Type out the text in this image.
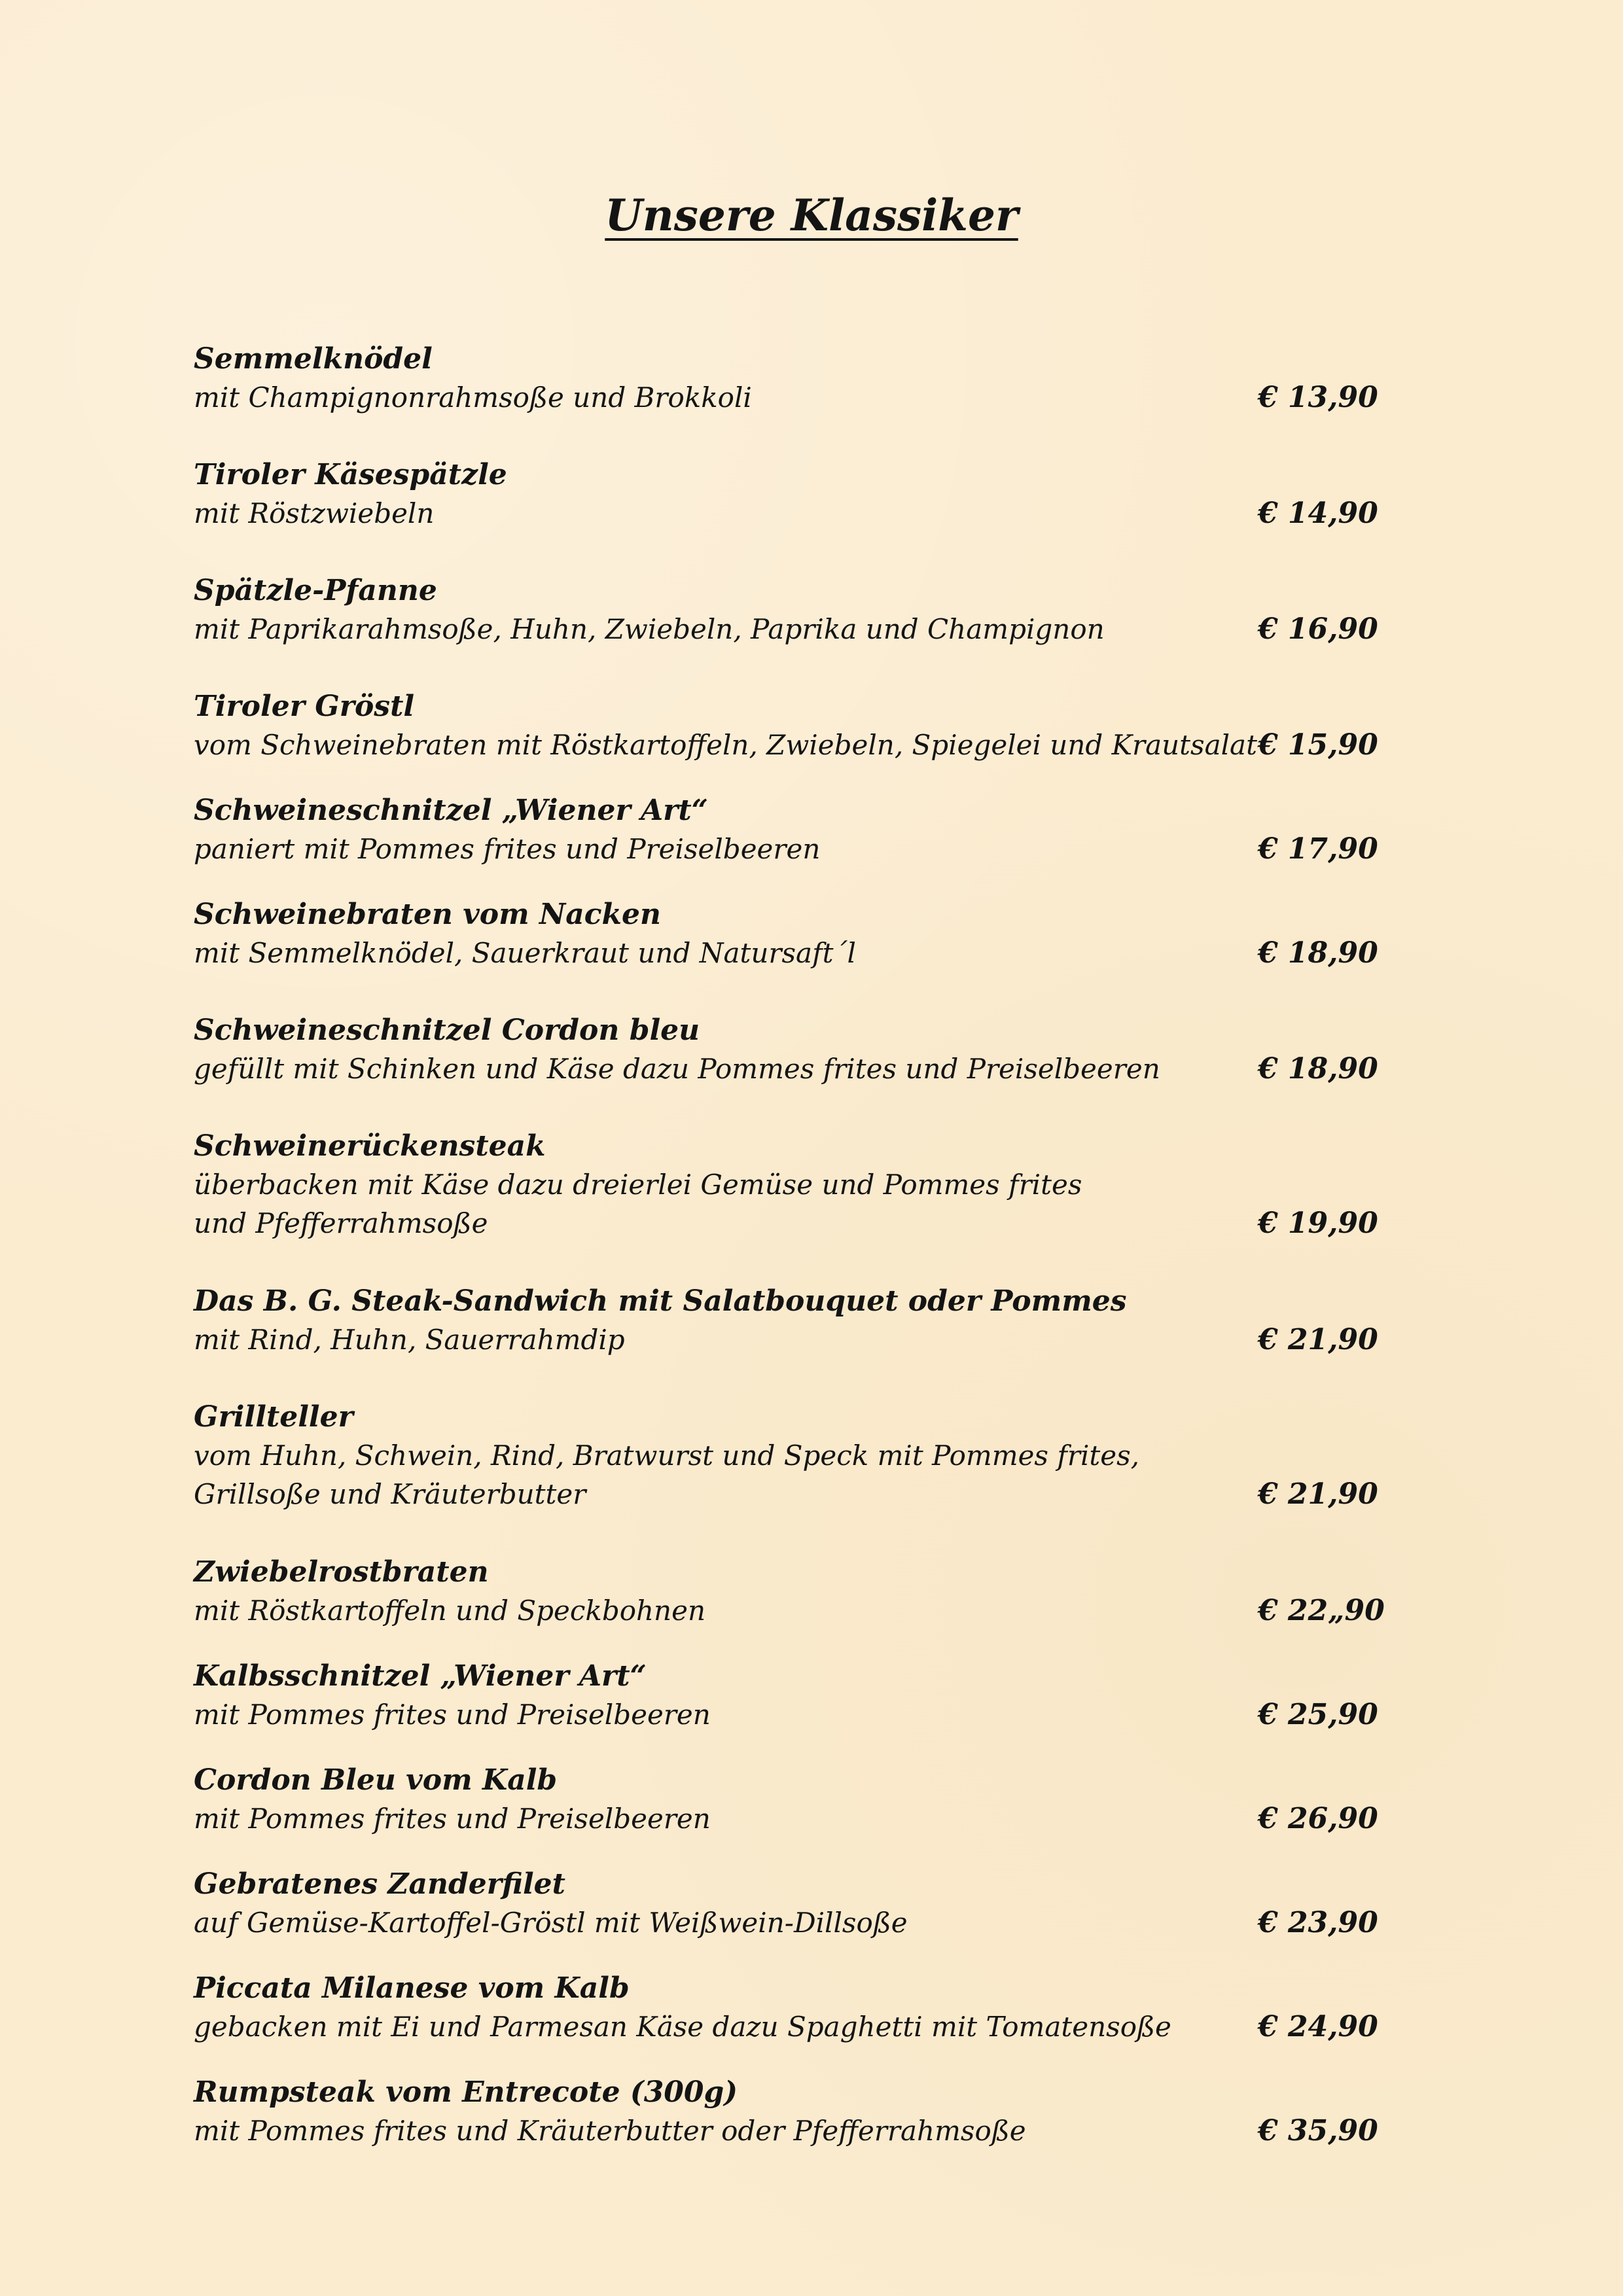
Unsere Klassiker
Semmelknödel
mit Champignonrahmsoße und Brokkoli	€ 13,90
Tiroler Käsespätzle
mit Röstzwiebeln	€ 14,90
Spätzle-Pfanne
mit Paprikarahmsoße, Huhn, Zwiebeln, Paprika und Champignon	€ 16,90
Tiroler Gröstl
vom Schweinebraten mit Röstkartoffeln, Zwiebeln, Spiegelei und Krautsalat € 15,90
Schweineschnitzel „Wiener Art“
paniert mit Pommes frites und Preiselbeeren	€ 17,90
Schweinebraten vom Nacken
mit Semmelknödel, Sauerkraut und Natursaft´l	€ 18,90
Schweineschnitzel Cordon bleu
gefüllt mit Schinken und Käse dazu Pommes frites und Preiselbeeren	€ 18,90
Schweinerückensteak
überbacken mit Käse dazu dreierlei Gemüse und Pommes frites
und Pfefferrahmsoße	€ 19,90
Das B. G. Steak-Sandwich mit Salatbouquet oder Pommes
mit Rind, Huhn, Sauerrahmdip	€ 21,90
Grillteller
vom Huhn, Schwein, Rind, Bratwurst und Speck mit Pommes frites,
Grillsoße und Kräuterbutter	€ 21,90
Zwiebelrostbraten
mit Röstkartoffeln und Speckbohnen	€ 22„90
Kalbsschnitzel „Wiener Art“
mit Pommes frites und Preiselbeeren	€ 25,90
Cordon Bleu vom Kalb
mit Pommes frites und Preiselbeeren	€ 26,90
Gebratenes Zanderfilet
auf Gemüse-Kartoffel-Gröstl mit Weißwein-Dillsoße	€ 23,90
Piccata Milanese vom Kalb
gebacken mit Ei und Parmesan Käse dazu Spaghetti mit Tomatensoße	€ 24,90
Rumpsteak vom Entrecote (300g)
mit Pommes frites und Kräuterbutter oder Pfefferrahmsoße	€ 35,90
